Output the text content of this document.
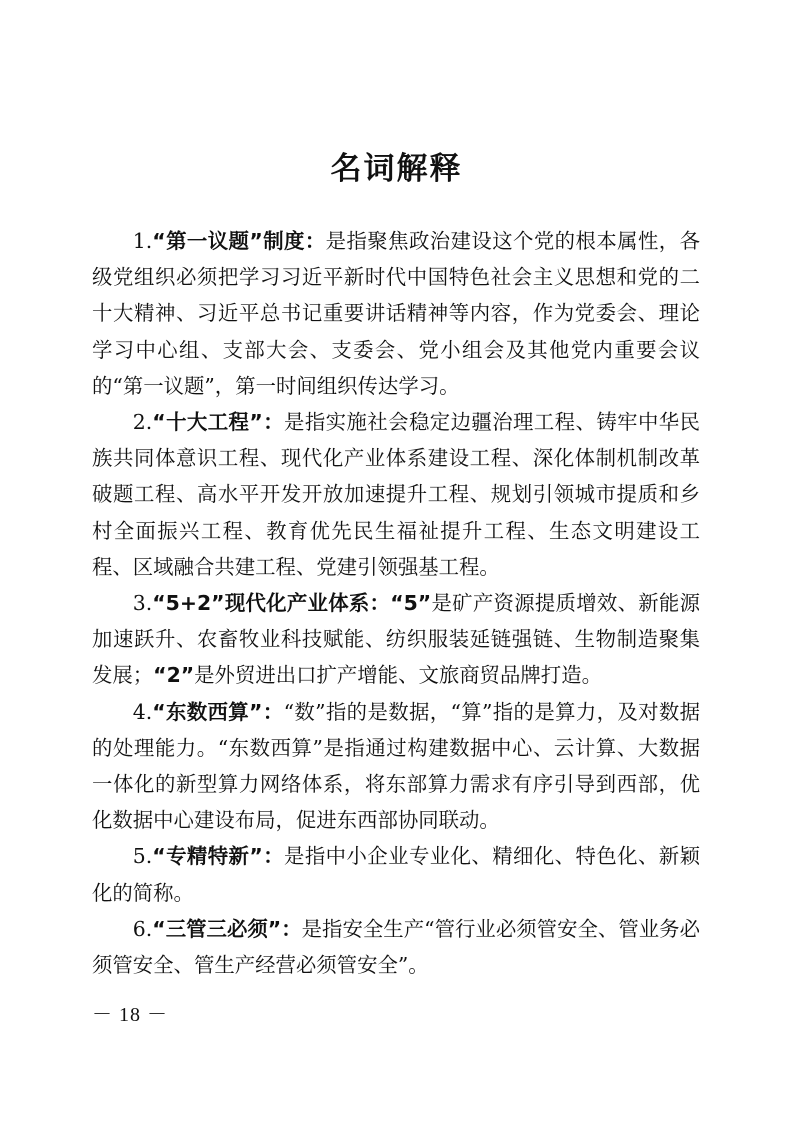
名词解释

1.“第一议题”制度：是指聚焦政治建设这个党的根本属性，各级党组织必须把学习习近平新时代中国特色社会主义思想和党的二十大精神、习近平总书记重要讲话精神等内容，作为党委会、理论学习中心组、支部大会、支委会、党小组会及其他党内重要会议的“第一议题”，第一时间组织传达学习。

2.“十大工程”：是指实施社会稳定边疆治理工程、铸牢中华民族共同体意识工程、现代化产业体系建设工程、深化体制机制改革破题工程、高水平开发开放加速提升工程、规划引领城市提质和乡村全面振兴工程、教育优先民生福祉提升工程、生态文明建设工程、区域融合共建工程、党建引领强基工程。

3.“5+2”现代化产业体系：“5”是矿产资源提质增效、新能源加速跃升、农畜牧业科技赋能、纺织服装延链强链、生物制造聚集发展；“2”是外贸进出口扩产增能、文旅商贸品牌打造。

4.“东数西算”：“数”指的是数据，“算”指的是算力，及对数据的处理能力。“东数西算”是指通过构建数据中心、云计算、大数据一体化的新型算力网络体系，将东部算力需求有序引导到西部，优化数据中心建设布局，促进东西部协同联动。

5.“专精特新”：是指中小企业专业化、精细化、特色化、新颖化的简称。

6.“三管三必须”：是指安全生产“管行业必须管安全、管业务必须管安全、管生产经营必须管安全”。

－ 18 －
